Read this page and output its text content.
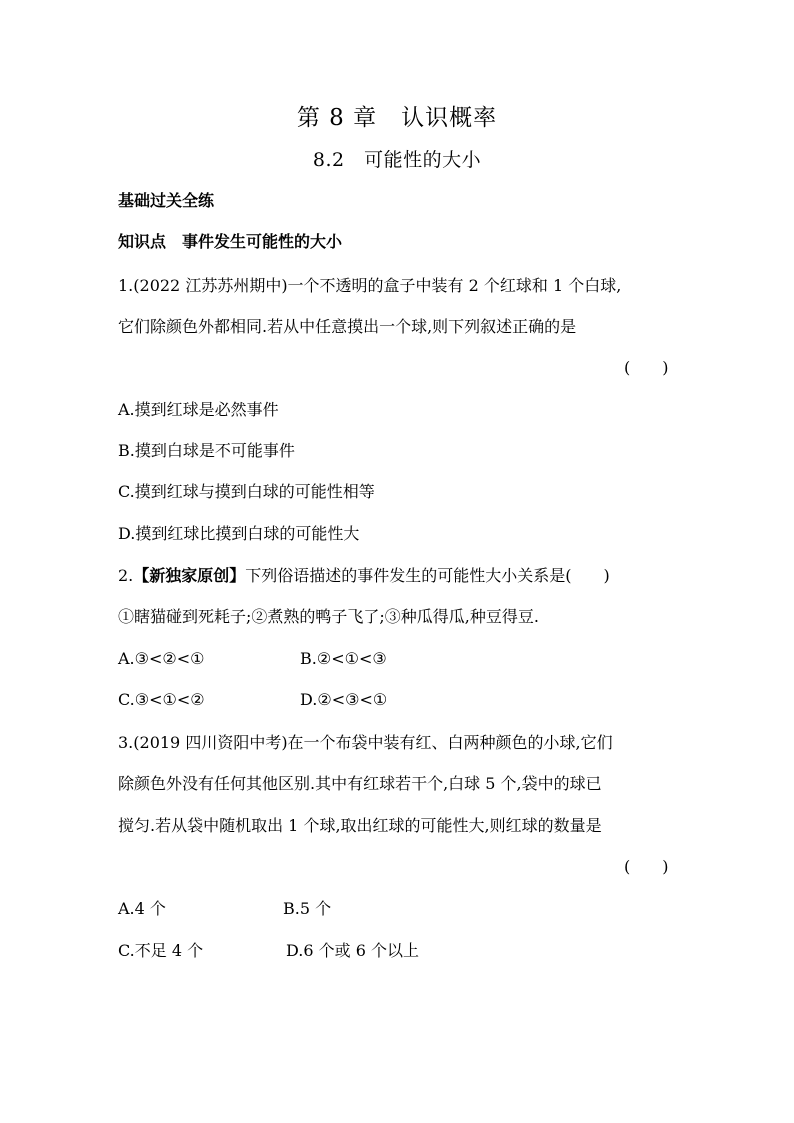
第 8 章　认识概率
8.2　可能性的大小
基础过关全练
知识点　事件发生可能性的大小
1.(2022 江苏苏州期中)一个不透明的盒子中装有 2 个红球和 1 个白球,
它们除颜色外都相同.若从中任意摸出一个球,则下列叙述正确的是
(　　)
A.摸到红球是必然事件
B.摸到白球是不可能事件
C.摸到红球与摸到白球的可能性相等
D.摸到红球比摸到白球的可能性大
2.【新独家原创】下列俗语描述的事件发生的可能性大小关系是(　　)
①瞎猫碰到死耗子;②煮熟的鸭子飞了;③种瓜得瓜,种豆得豆.
A.③<②<①	B.②<①<③
C.③<①<②	D.②<③<①
3.(2019 四川资阳中考)在一个布袋中装有红、白两种颜色的小球,它们
除颜色外没有任何其他区别.其中有红球若干个,白球 5 个,袋中的球已
搅匀.若从袋中随机取出 1 个球,取出红球的可能性大,则红球的数量是
(　　)
A.4 个	B.5 个
C.不足 4 个	D.6 个或 6 个以上
